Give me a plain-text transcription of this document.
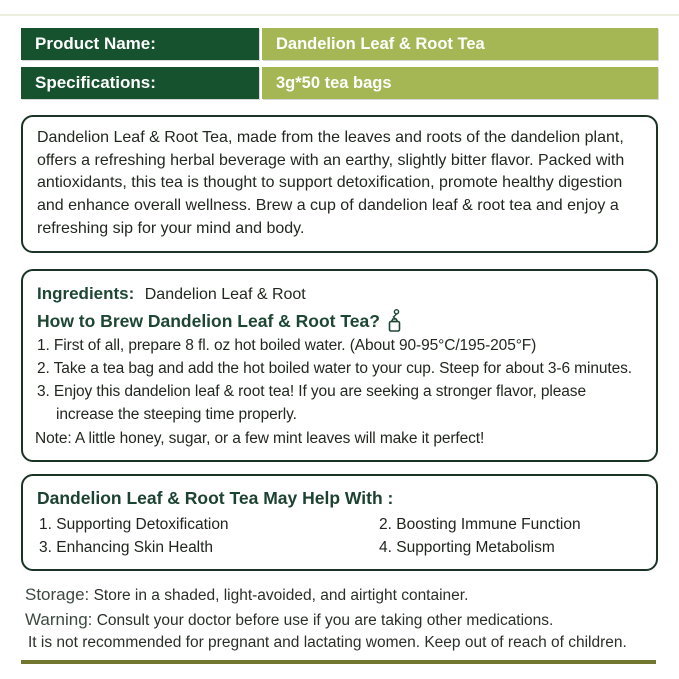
Product Name:	Dandelion Leaf & Root Tea
Specifications:	3g*50 tea bags

Dandelion Leaf & Root Tea, made from the leaves and roots of the dandelion plant, offers a refreshing herbal beverage with an earthy, slightly bitter flavor. Packed with antioxidants, this tea is thought to support detoxification, promote healthy digestion and enhance overall wellness. Brew a cup of dandelion leaf & root tea and enjoy a refreshing sip for your mind and body.

Ingredients: Dandelion Leaf & Root
How to Brew Dandelion Leaf & Root Tea?
1. First of all, prepare 8 fl. oz hot boiled water. (About 90-95°C/195-205°F)
2. Take a tea bag and add the hot boiled water to your cup. Steep for about 3-6 minutes.
3. Enjoy this dandelion leaf & root tea! If you are seeking a stronger flavor, please increase the steeping time properly.
Note: A little honey, sugar, or a few mint leaves will make it perfect!
Dandelion Leaf & Root Tea May Help With :
1. Supporting Detoxification	2. Boosting Immune Function
3. Enhancing Skin Health	4. Supporting Metabolism

Storage: Store in a shaded, light-avoided, and airtight container.

Warning: Consult your doctor before use if you are taking other medications.

It is not recommended for pregnant and lactating women. Keep out of reach of children.
